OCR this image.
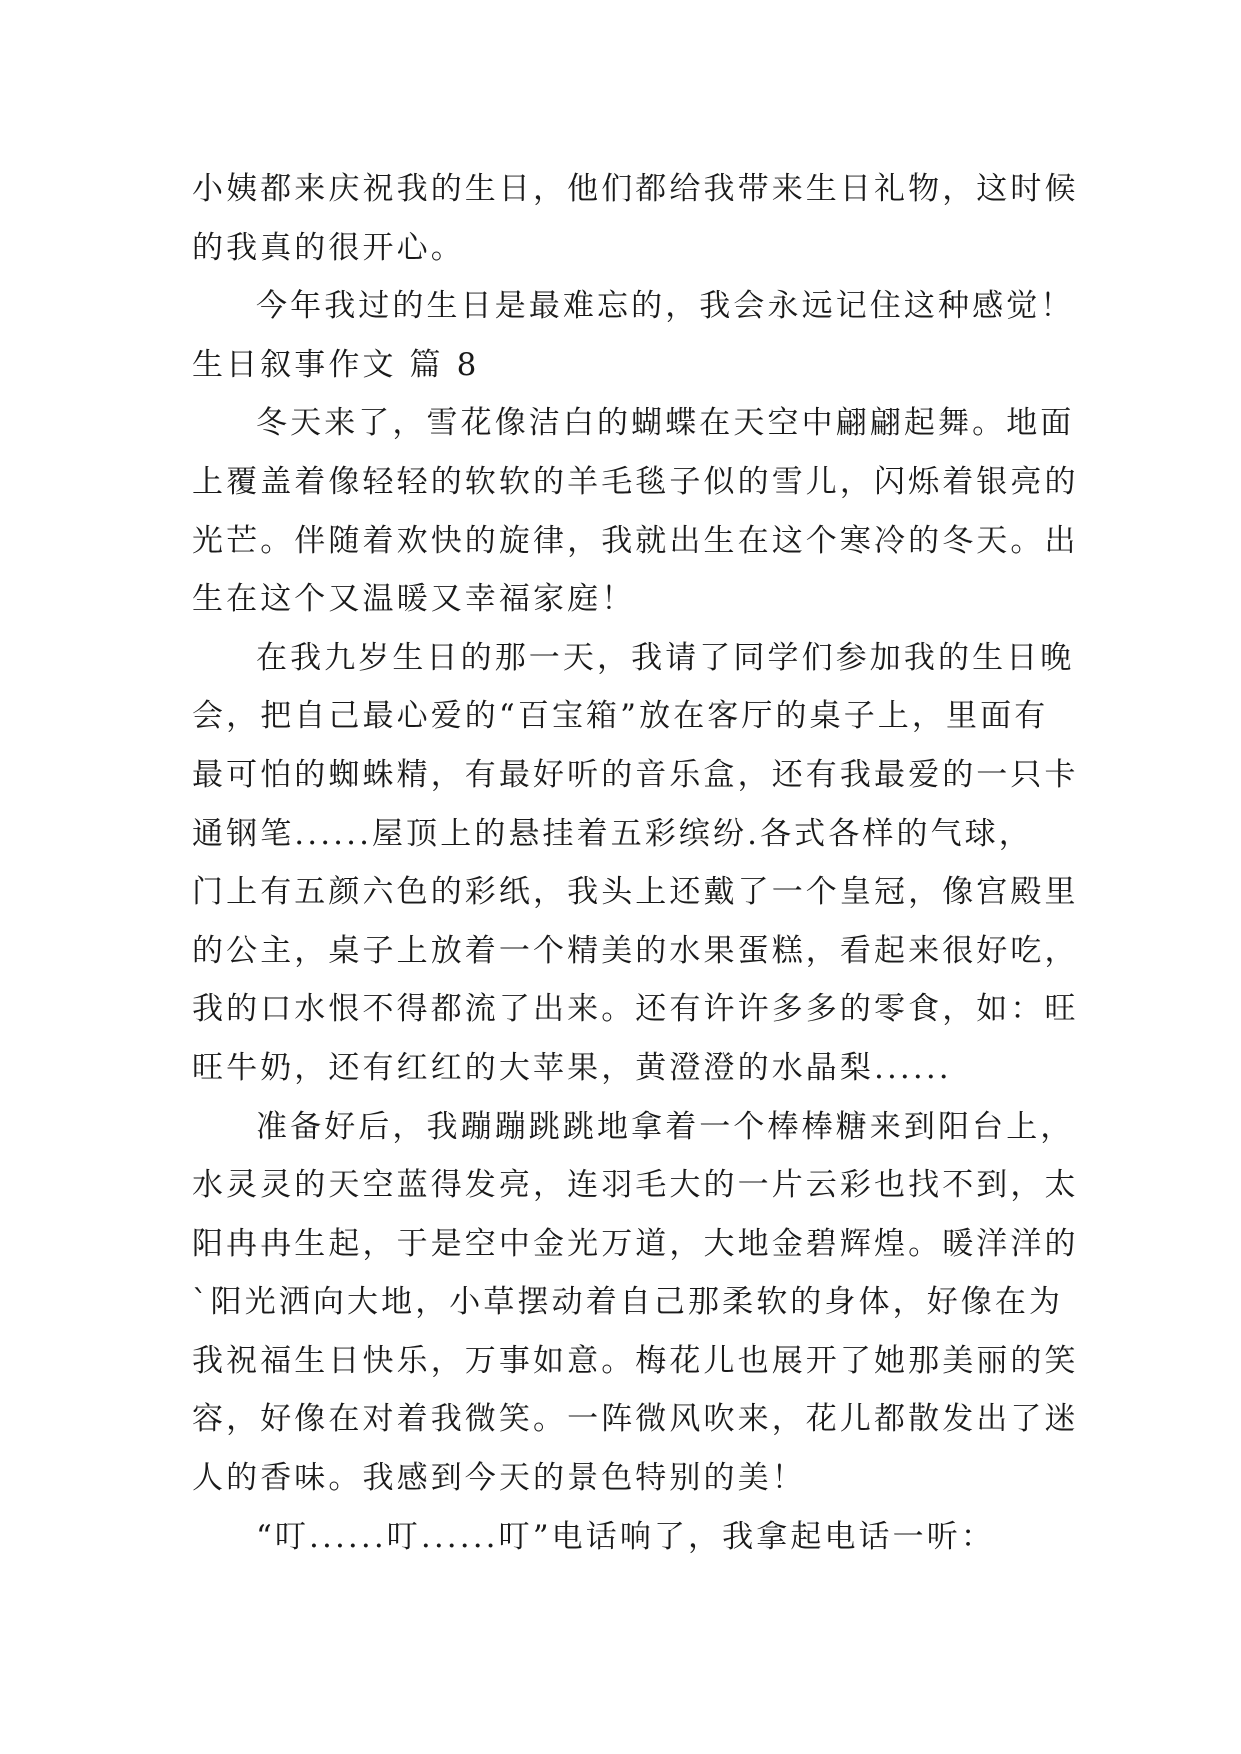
小姨都来庆祝我的生日，他们都给我带来生日礼物，这时候
的我真的很开心。
今年我过的生日是最难忘的，我会永远记住这种感觉！
生日叙事作文 篇 8
冬天来了，雪花像洁白的蝴蝶在天空中翩翩起舞。地面
上覆盖着像轻轻的软软的羊毛毯子似的雪儿，闪烁着银亮的
光芒。伴随着欢快的旋律，我就出生在这个寒冷的冬天。出
生在这个又温暖又幸福家庭！
在我九岁生日的那一天，我请了同学们参加我的生日晚
会，把自己最心爱的“百宝箱”放在客厅的桌子上，里面有
最可怕的蜘蛛精，有最好听的音乐盒，还有我最爱的一只卡
通钢笔......屋顶上的悬挂着五彩缤纷.各式各样的气球，
门上有五颜六色的彩纸，我头上还戴了一个皇冠，像宫殿里
的公主，桌子上放着一个精美的水果蛋糕，看起来很好吃，
我的口水恨不得都流了出来。还有许许多多的零食，如：旺
旺牛奶，还有红红的大苹果，黄澄澄的水晶梨......
准备好后，我蹦蹦跳跳地拿着一个棒棒糖来到阳台上，
水灵灵的天空蓝得发亮，连羽毛大的一片云彩也找不到，太
阳冉冉生起，于是空中金光万道，大地金碧辉煌。暖洋洋的
`阳光洒向大地，小草摆动着自己那柔软的身体，好像在为
我祝福生日快乐，万事如意。梅花儿也展开了她那美丽的笑
容，好像在对着我微笑。一阵微风吹来，花儿都散发出了迷
人的香味。我感到今天的景色特别的美！
“叮......叮......叮”电话响了，我拿起电话一听：
